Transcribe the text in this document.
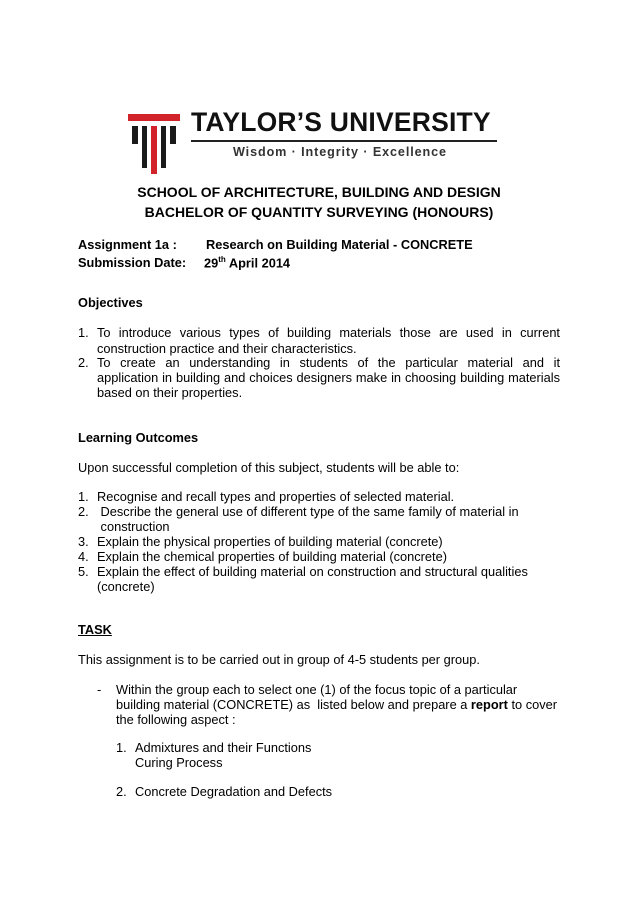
TAYLOR’S UNIVERSITY
Wisdom · Integrity · Excellence
SCHOOL OF ARCHITECTURE, BUILDING AND DESIGN
BACHELOR OF QUANTITY SURVEYING (HONOURS)
Assignment 1a : Research on Building Material - CONCRETE
Submission Date: 29th April 2014
Objectives
1. To introduce various types of building materials those are used in current
construction practice and their characteristics.
2. To create an understanding in students of the particular material and it
application in building and choices designers make in choosing building materials
based on their properties.
Learning Outcomes
Upon successful completion of this subject, students will be able to:
1. Recognise and recall types and properties of selected material.
2. Describe the general use of different type of the same family of material in
construction
3. Explain the physical properties of building material (concrete)
4. Explain the chemical properties of building material (concrete)
5. Explain the effect of building material on construction and structural qualities
(concrete)
TASK
This assignment is to be carried out in group of 4-5 students per group.
- Within the group each to select one (1) of the focus topic of a particular
building material (CONCRETE) as  listed below and prepare a report to cover
the following aspect :
1. Admixtures and their Functions
Curing Process
2. Concrete Degradation and Defects
